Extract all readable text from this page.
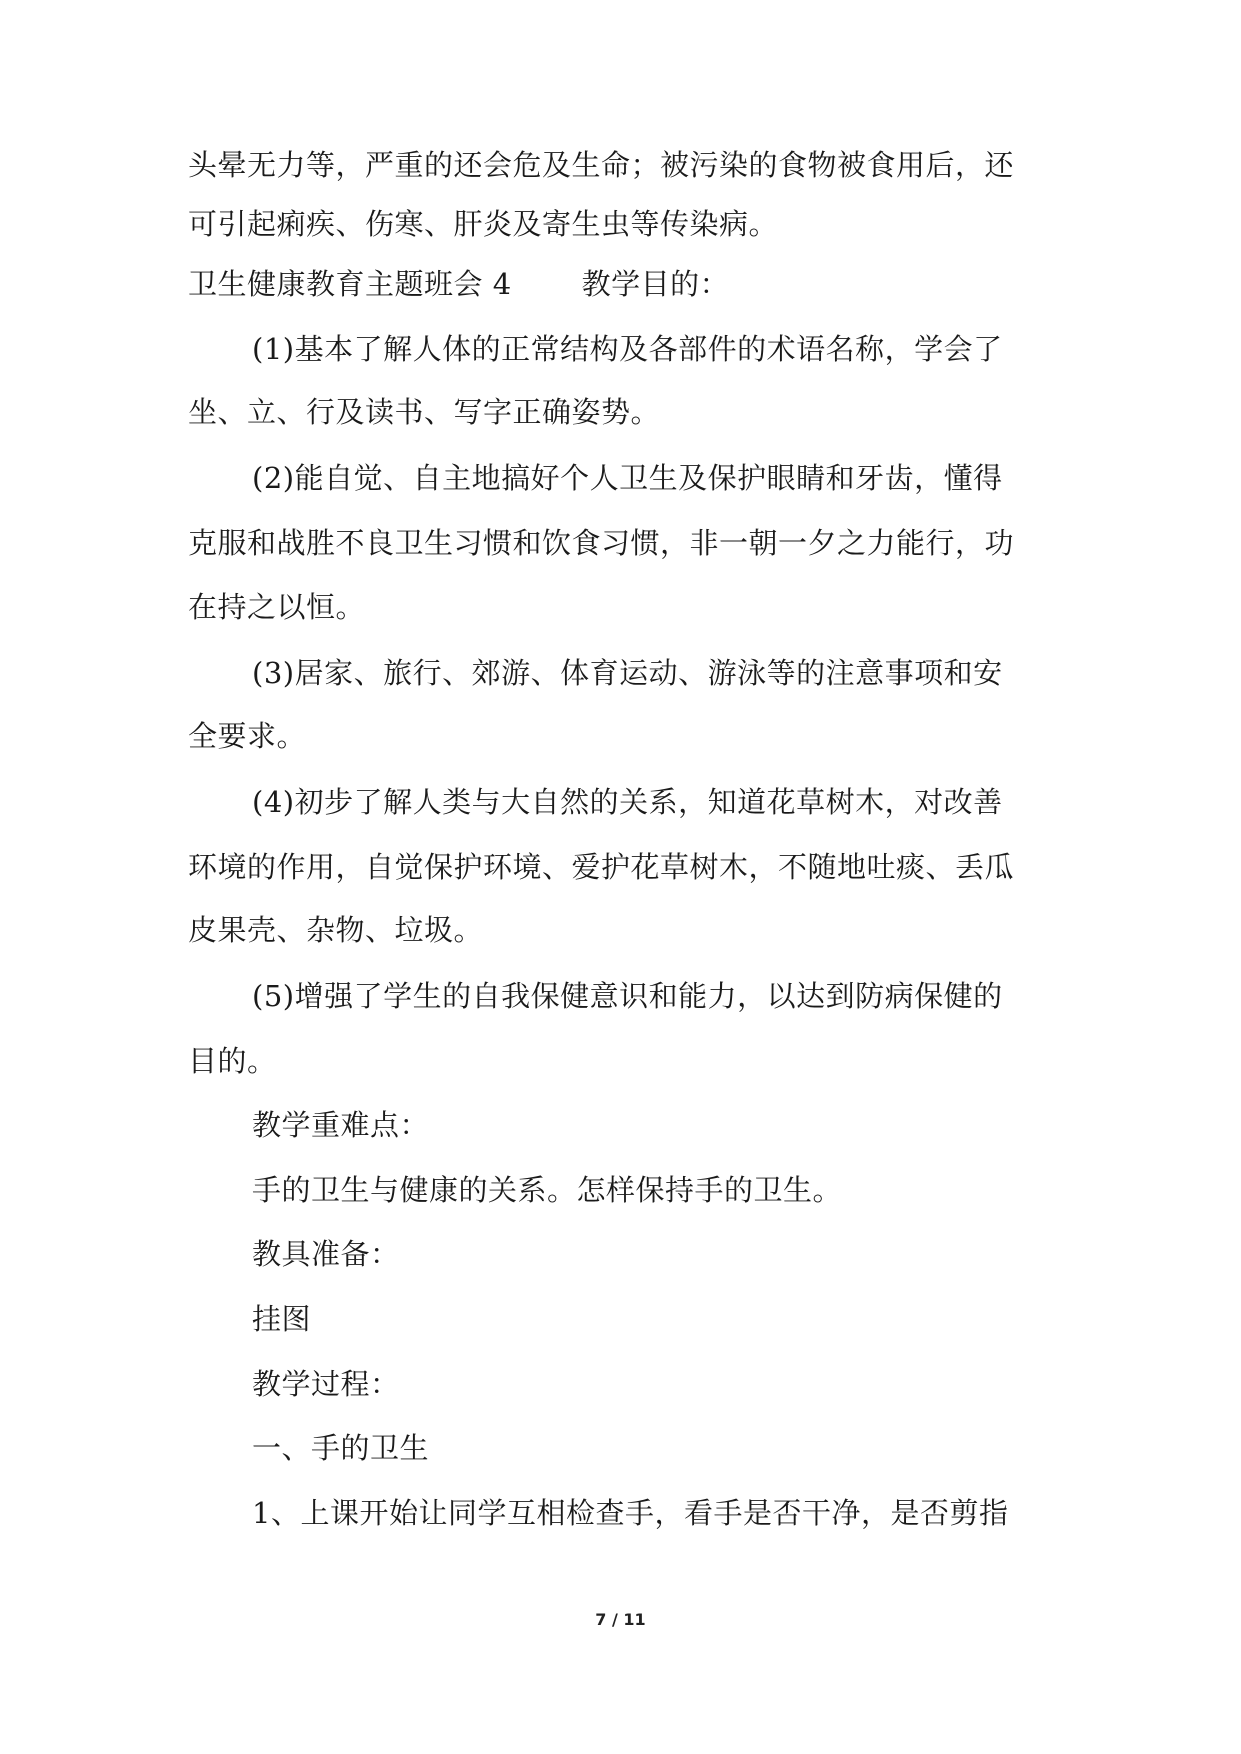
头晕无力等，严重的还会危及生命；被污染的食物被食用后，还
可引起痢疾、伤寒、肝炎及寄生虫等传染病。
卫生健康教育主题班会 4 教学目的：
(1)基本了解人体的正常结构及各部件的术语名称，学会了
坐、立、行及读书、写字正确姿势。
(2)能自觉、自主地搞好个人卫生及保护眼睛和牙齿，懂得
克服和战胜不良卫生习惯和饮食习惯，非一朝一夕之力能行，功
在持之以恒。
(3)居家、旅行、郊游、体育运动、游泳等的注意事项和安
全要求。
(4)初步了解人类与大自然的关系，知道花草树木，对改善
环境的作用，自觉保护环境、爱护花草树木，不随地吐痰、丢瓜
皮果壳、杂物、垃圾。
(5)增强了学生的自我保健意识和能力，以达到防病保健的
目的。
教学重难点：
手的卫生与健康的关系。怎样保持手的卫生。
教具准备：
挂图
教学过程：
一、手的卫生
1、上课开始让同学互相检查手，看手是否干净，是否剪指
7 / 11
